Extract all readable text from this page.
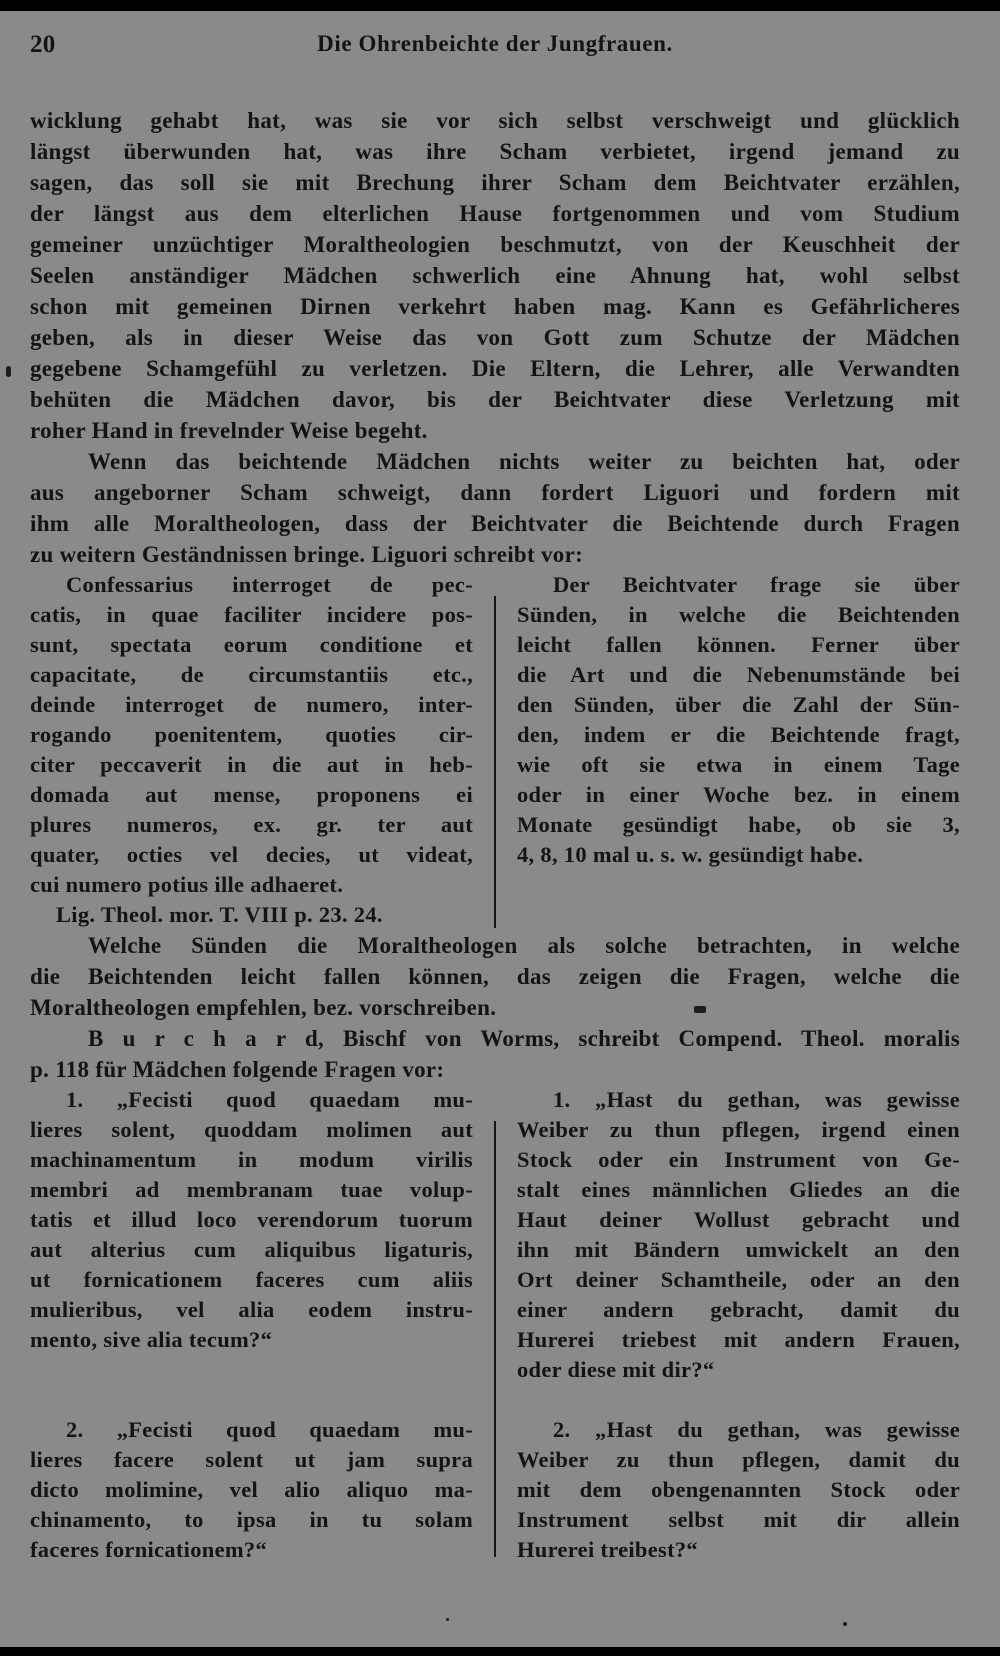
20	Die Ohrenbeichte der Jungfrauen.
wicklung gehabt hat, was sie vor sich selbst verschweigt und glücklich
längst überwunden hat, was ihre Scham verbietet, irgend jemand zu
sagen, das soll sie mit Brechung ihrer Scham dem Beichtvater erzählen,
der längst aus dem elterlichen Hause fortgenommen und vom Studium
gemeiner unzüchtiger Moraltheologien beschmutzt, von der Keuschheit der
Seelen anständiger Mädchen schwerlich eine Ahnung hat, wohl selbst
schon mit gemeinen Dirnen verkehrt haben mag. Kann es Gefährlicheres
geben, als in dieser Weise das von Gott zum Schutze der Mädchen
gegebene Schamgefühl zu verletzen. Die Eltern, die Lehrer, alle Verwandten
behüten die Mädchen davor, bis der Beichtvater diese Verletzung mit
roher Hand in frevelnder Weise begeht.
Wenn das beichtende Mädchen nichts weiter zu beichten hat, oder
aus angeborner Scham schweigt, dann fordert Liguori und fordern mit
ihm alle Moraltheologen, dass der Beichtvater die Beichtende durch Fragen
zu weitern Geständnissen bringe. Liguori schreibt vor:
Confessarius interroget de pec-
catis, in quae faciliter incidere pos-
sunt, spectata eorum conditione et
capacitate, de circumstantiis etc.,
deinde interroget de numero, inter-
rogando poenitentem, quoties cir-
citer peccaverit in die aut in heb-
domada aut mense, proponens ei
plures numeros, ex. gr. ter aut
quater, octies vel decies, ut videat,
cui numero potius ille adhaeret.
Lig. Theol. mor. T. VIII p. 23. 24.
Der Beichtvater frage sie über
Sünden, in welche die Beichtenden
leicht fallen können. Ferner über
die Art und die Nebenumstände bei
den Sünden, über die Zahl der Sün-
den, indem er die Beichtende fragt,
wie oft sie etwa in einem Tage
oder in einer Woche bez. in einem
Monate gesündigt habe, ob sie 3,
4, 8, 10 mal u. s. w. gesündigt habe.
Welche Sünden die Moraltheologen als solche betrachten, in welche
die Beichtenden leicht fallen können, das zeigen die Fragen, welche die
Moraltheologen empfehlen, bez. vorschreiben.
B u r c h a r d, Bischf von Worms, schreibt Compend. Theol. moralis
p. 118 für Mädchen folgende Fragen vor:
1. „Fecisti quod quaedam mu-
lieres solent, quoddam molimen aut
machinamentum in modum virilis
membri ad membranam tuae volup-
tatis et illud loco verendorum tuorum
aut alterius cum aliquibus ligaturis,
ut fornicationem faceres cum aliis
mulieribus, vel alia eodem instru-
mento, sive alia tecum?“
2. „Fecisti quod quaedam mu-
lieres facere solent ut jam supra
dicto molimine, vel alio aliquo ma-
chinamento, to ipsa in tu solam
faceres fornicationem?“
1. „Hast du gethan, was gewisse
Weiber zu thun pflegen, irgend einen
Stock oder ein Instrument von Ge-
stalt eines männlichen Gliedes an die
Haut deiner Wollust gebracht und
ihn mit Bändern umwickelt an den
Ort deiner Schamtheile, oder an den
einer andern gebracht, damit du
Hurerei triebest mit andern Frauen,
oder diese mit dir?“
2. „Hast du gethan, was gewisse
Weiber zu thun pflegen, damit du
mit dem obengenannten Stock oder
Instrument selbst mit dir allein
Hurerei treibest?“
